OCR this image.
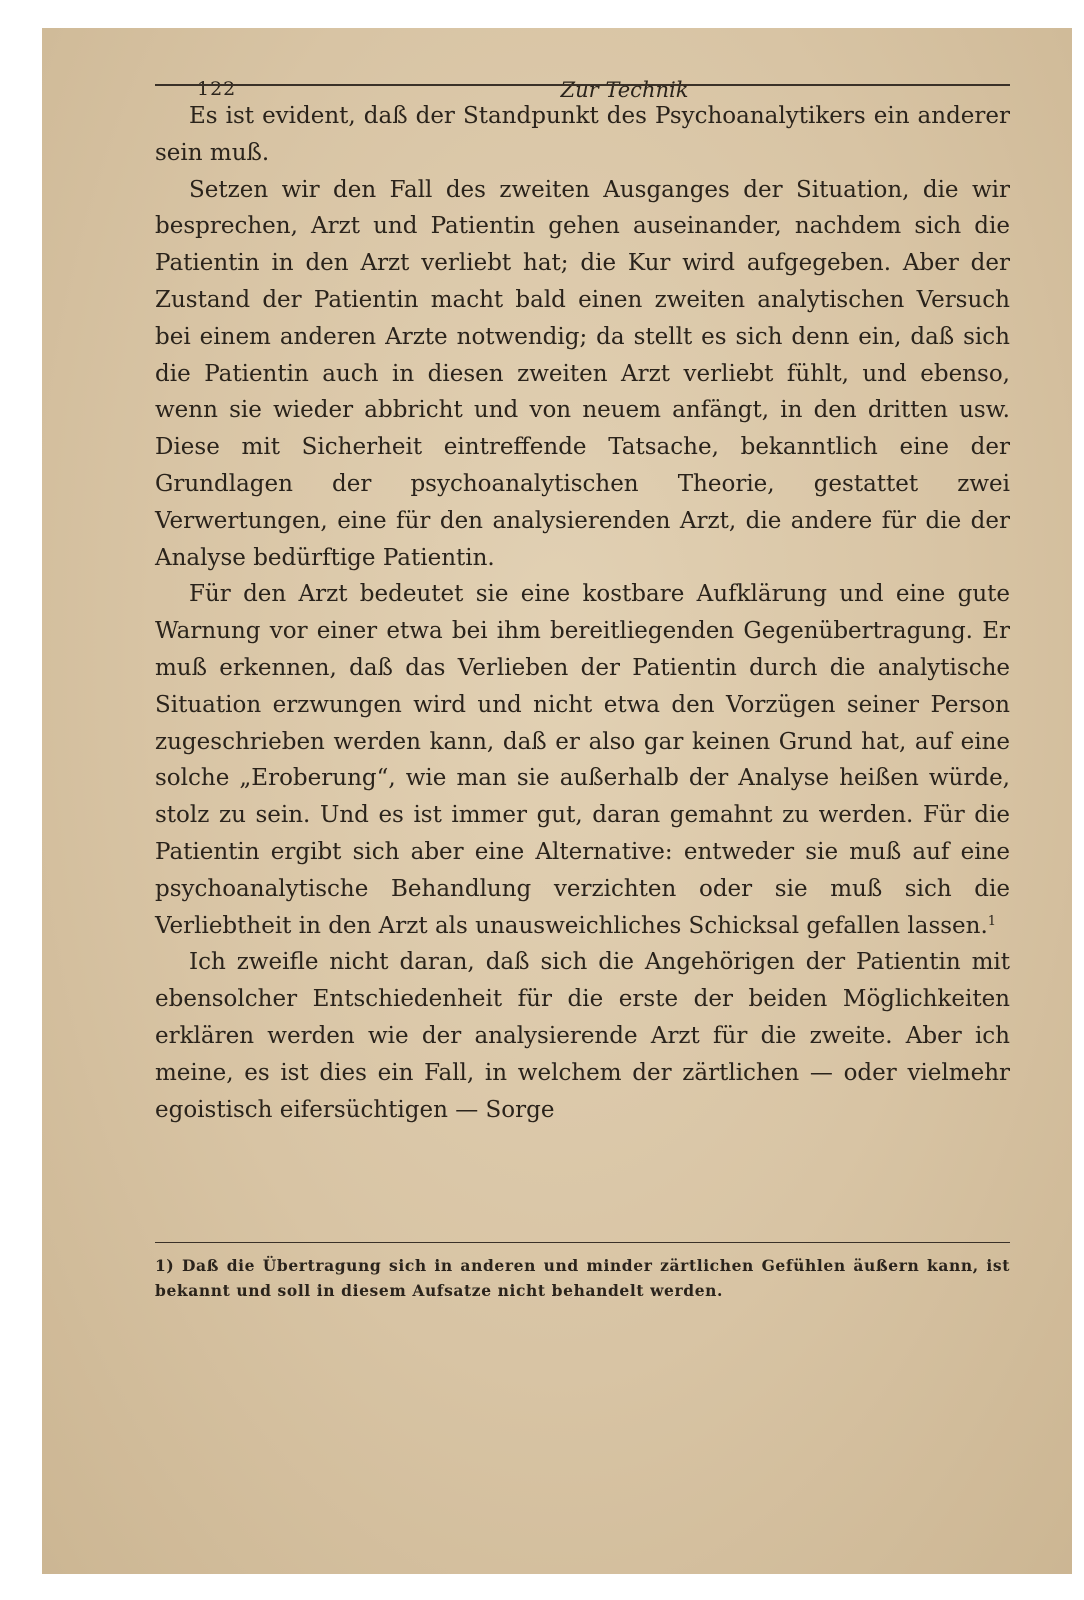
122	Zur Technik

Es ist evident, daß der Standpunkt des Psychoanalytikers ein anderer sein muß.

Setzen wir den Fall des zweiten Ausganges der Situation, die wir besprechen, Arzt und Patientin gehen auseinander, nachdem sich die Patientin in den Arzt verliebt hat; die Kur wird aufgegeben. Aber der Zustand der Patientin macht bald einen zweiten analytischen Versuch bei einem anderen Arzte notwendig; da stellt es sich denn ein, daß sich die Patientin auch in diesen zweiten Arzt verliebt fühlt, und ebenso, wenn sie wieder abbricht und von neuem anfängt, in den dritten usw. Diese mit Sicherheit eintreffende Tatsache, bekanntlich eine der Grundlagen der psychoanalytischen Theorie, gestattet zwei Verwertungen, eine für den analysierenden Arzt, die andere für die der Analyse bedürftige Patientin.

Für den Arzt bedeutet sie eine kostbare Aufklärung und eine gute Warnung vor einer etwa bei ihm bereitliegenden Gegenübertragung. Er muß erkennen, daß das Verlieben der Patientin durch die analytische Situation erzwungen wird und nicht etwa den Vorzügen seiner Person zugeschrieben werden kann, daß er also gar keinen Grund hat, auf eine solche „Eroberung“, wie man sie außerhalb der Analyse heißen würde, stolz zu sein. Und es ist immer gut, daran gemahnt zu werden. Für die Patientin ergibt sich aber eine Alternative: entweder sie muß auf eine psychoanalytische Behandlung verzichten oder sie muß sich die Verliebtheit in den Arzt als unausweichliches Schicksal gefallen lassen.$^1$

Ich zweifle nicht daran, daß sich die Angehörigen der Patientin mit ebensolcher Entschiedenheit für die erste der beiden Möglichkeiten erklären werden wie der analysierende Arzt für die zweite. Aber ich meine, es ist dies ein Fall, in welchem der zärtlichen — oder vielmehr egoistisch eifersüchtigen — Sorge

1) Daß die Übertragung sich in anderen und minder zärtlichen Gefühlen äußern kann, ist bekannt und soll in diesem Aufsatze nicht behandelt werden.
